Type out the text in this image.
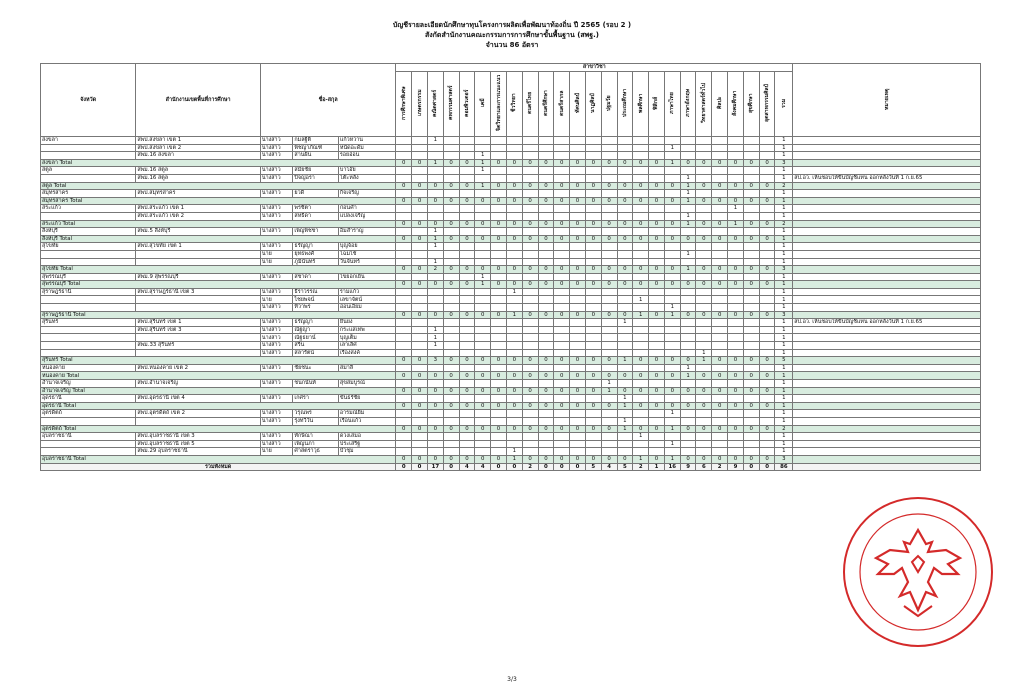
บัญชีรายละเอียดนักศึกษาทุนโครงการผลิตเพื่อพัฒนาท้องถิ่น ปี 2565 (รอบ 2 )
สังกัดสำนักงานคณะกรรมการการศึกษาขั้นพื้นฐาน (สพฐ.)
จำนวน 86 อัตรา
จังหวัด	สำนักงานเขตพื้นที่การศึกษา	ชื่อ-สกุล			สาขาวิชา																									หมายเหตุ
					การศึกษาพิเศษ	เกษตรกรรม	คณิตศาสตร์	คหกรรมศาสตร์	คอมพิวเตอร์	เคมี	จิตวิทยาและการแนะแนว	ชีววิทยา	ดนตรีไทย	ดนตรีศึกษา	ดนตรีสากล	ทัศนศิลป์	นาฏศิลป์	ปฐมวัย	ประถมศึกษา	พลศึกษา	ฟิสิกส์	ภาษาไทย	ภาษาอังกฤษ	วิทยาศาสตร์ทั่วไป	ศิลปะ	สังคมศึกษา	สุขศึกษา	อุตสาหกรรมศิลป์	รวม	
สงขลา	สพป.สงขลา เขต 1	นางสาว	กมลฐิติ	แก้วหวาน			1																						1	
	สพป.สงขลา เขต 2	นางสาว	พิชญาภัณฑ์	หนัดอะดัม																		1							1	
	สพม.16 สงขลา	นางสาว	สานฝัน	รอยอ่อน						1																			1	
สงขลา Total					0	0	1	0	0	1	0	0	0	0	0	0	0	0	0	0	0	1	0	0	0	0	0	0	3	
สตูล	สพม.16 สตูล	นางสาว	สมัยชัย	บาโอ๊ย						1																			1	
	สพม.16 สตูล	นางสาว	ปิจญ่อรา	โต๊ะหลัง																			1						1	สป.อว. เห็นชอบให้ขึ้นบัญชีแทน ออกหลังวันที่ 1 ก.ย.65
สตูล Total					0	0	0	0	0	1	0	0	0	0	0	0	0	0	0	0	0	0	1	0	0	0	0	0	2	
สมุทรสาคร	สพป.สมุทรสาคร	นางสาว	ยวดี	กิจเจริญ																			1						1	
สมุทรสาคร Total					0	0	0	0	0	0	0	0	0	0	0	0	0	0	0	0	0	0	1	0	0	0	0	0	1	
สระแก้ว	สพป.สระแก้ว เขต 1	นางสาว	พรชิตา	ก่อนคำ																						1			1	
	สพป.สระแก้ว เขต 2	นางสาว	สหธิดา	แปลงเจริญ																			1						1	
สระแก้ว Total					0	0	0	0	0	0	0	0	0	0	0	0	0	0	0	0	0	0	1	0	0	1	0	0	2	
สิงห์บุรี	สพม.5 สิงห์บุรี	นางสาว	เพ็ญพิชชา	อิ่มสำราญ			1																						1	
สิงห์บุรี Total					0	0	1	0	0	0	0	0	0	0	0	0	0	0	0	0	0	0	0	0	0	0	0	0	1	
สุโขทัย	สพป.สุโขทัย เขต 1	นางสาว	ธรัญญา	บุญจ้อย			1																						1	
		นาย	ยุทธพงศ์	โฉมไช้																			1						1	
		นาย	ภูมินันทร์	วันจันทร์			1																						1	
สุโขทัย Total					0	0	2	0	0	0	0	0	0	0	0	0	0	0	0	0	0	0	1	0	0	0	0	0	3	
สุพรรณบุรี	สพม.9 สุพรรณบุรี	นางสาว	สชาดา	ไขยอกเย็น						1																			1	
สุพรรณบุรี Total					0	0	0	0	0	1	0	0	0	0	0	0	0	0	0	0	0	0	0	0	0	0	0	0	1	
สุราษฎร์ธานี	สพป.สุราษฎร์ธานี เขต 3	นางสาว	ธีราวรรณ	รามแก้ว								1																	1	
		นาย	ไชยพจน์	เลขาจัตน์																1									1	
		นางสาว	ทิวาพร	อ่อนเอี่ยม																		1							1	
สุราษฎร์ธานี Total					0	0	0	0	0	0	0	1	0	0	0	0	0	0	0	1	0	1	0	0	0	0	0	0	3	
สุรินทร์	สพป.สุรินทร์ เขต 1	นางสาว	ธรัญญา	ยืนยง															1										1	สป.อว. เห็นชอบให้ขึ้นบัญชีแทน ออกหลังวันที่ 1 ก.ย.65
	สพป.สุรินทร์ เขต 3	นางสาว	ณัฐญา	กระแสเทพ			1																						1	
		นางสาว	ณัฐธยาน์	บุญเต็ม			1																						1	
	สพม.33 สุรินทร์	นางสาว	สริน	เลาเลิศ			1																						1	
		นางสาว	สลารัตน์	เรืองสงค์																				1					1	
สุรินทร์ Total					0	0	3	0	0	0	0	0	0	0	0	0	0	0	1	0	0	0	0	1	0	0	0	0	5	
หนองคาย	สพป.หนองคาย เขต 2	นางสาว	ชัยชนะ	สมาลี																			1						1	
หนองคาย Total					0	0	0	0	0	0	0	0	0	0	0	0	0	0	0	0	0	0	1	0	0	0	0	0	1	
อำนาจเจริญ	สพป.อำนาจเจริญ	นางสาว	ชนกนันท์	สุขสมบูรณ์														1											1	
อำนาจเจริญ Total					0	0	0	0	0	0	0	0	0	0	0	0	0	1	0	0	0	0	0	0	0	0	0	0	1	
อุดรธานี	สพป.อุดรธานี เขต 4	นางสาว	เกศรา	ขันธรัชัย															1										1	
อุดรธานี Total					0	0	0	0	0	0	0	0	0	0	0	0	0	0	1	0	0	0	0	0	0	0	0	0	1	
อุตรดิตถ์	สพป.อุตรดิตถ์ เขต 2	นางสาว	วรุณพร	อารมณ์ยิ้ม																		1							1	
		นางสาว	รุ่งทวีวัน	เรือนแก้ว															1										1	
อุตรดิตถ์ Total					0	0	0	0	0	0	0	0	0	0	0	0	0	0	1	0	0	1	0	0	0	0	0	0	2	
อุบลราชธานี	สพป.อุบลราชธานี เขต 3	นางสาว	ทักษิณา	ดวงเสมอ																1									1	
	สพป.อุบลราชธานี เขต 5	นางสาว	เพ็ญนภา	ประเสริฐ																		1							1	
	สพม.29 อุบลราชธานี	นาย	ศาสตราวุธ	บัวชุม								1																	1	
อุบลราชธานี Total					0	0	0	0	0	0	0	1	0	0	0	0	0	0	0	1	0	1	0	0	0	0	0	0	3	
รวมทั้งหมด					0	0	17	0	4	4	0	0	2	0	0	0	5	4	5	2	1	16	9	6	2	9	0	0	86	
3/3
